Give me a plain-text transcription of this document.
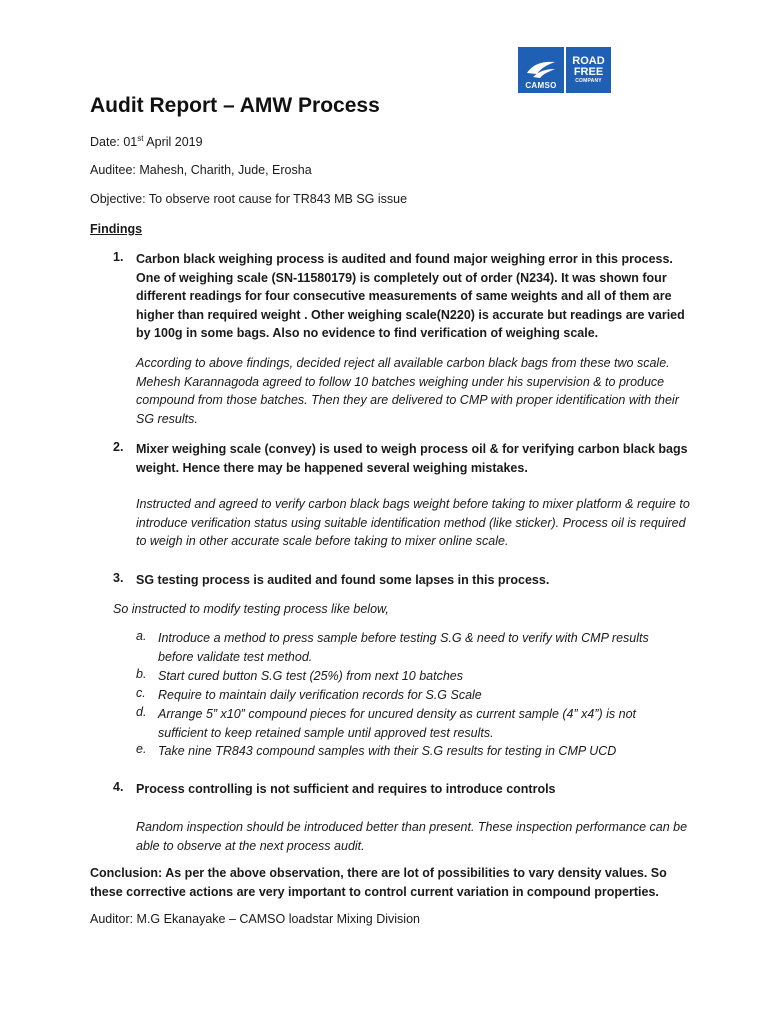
CAMSO
ROAD
FREE
COMPANY
Audit Report – AMW Process
Date: 01st April 2019
Auditee: Mahesh, Charith, Jude, Erosha
Objective: To observe root cause for TR843 MB SG issue
Findings
1. Carbon black weighing process is audited and found major weighing error in this process. One of weighing scale (SN-11580179) is completely out of order (N234). It was shown four different readings for four consecutive measurements of same weights and all of them are higher than required weight . Other weighing scale(N220) is accurate but readings are varied by 100g in some bags. Also no evidence to find verification of weighing scale.
According to above findings, decided reject all available carbon black bags from these two scale. Mehesh Karannagoda agreed to follow 10 batches weighing under his supervision & to produce compound from those batches. Then they are delivered to CMP with proper identification with their SG results.
2. Mixer weighing scale (convey) is used to weigh process oil & for verifying carbon black bags weight. Hence there may be happened several weighing mistakes.
Instructed and agreed to verify carbon black bags weight before taking to mixer platform & require to introduce verification status using suitable identification method (like sticker). Process oil is required to weigh in other accurate scale before taking to mixer online scale.
3. SG testing process is audited and found some lapses in this process.
So instructed to modify testing process like below,
a. Introduce a method to press sample before testing S.G & need to verify with CMP results before validate test method.
b. Start cured button S.G test (25%) from next 10 batches
c. Require to maintain daily verification records for S.G Scale
d. Arrange 5” x10” compound pieces for uncured density as current sample (4” x4”) is not sufficient to keep retained sample until approved test results.
e. Take nine TR843 compound samples with their S.G results for testing in CMP UCD
4. Process controlling is not sufficient and requires to introduce controls
Random inspection should be introduced better than present. These inspection performance can be able to observe at the next process audit.
Conclusion: As per the above observation, there are lot of possibilities to vary density values. So these corrective actions are very important to control current variation in compound properties.
Auditor: M.G Ekanayake – CAMSO loadstar Mixing Division
